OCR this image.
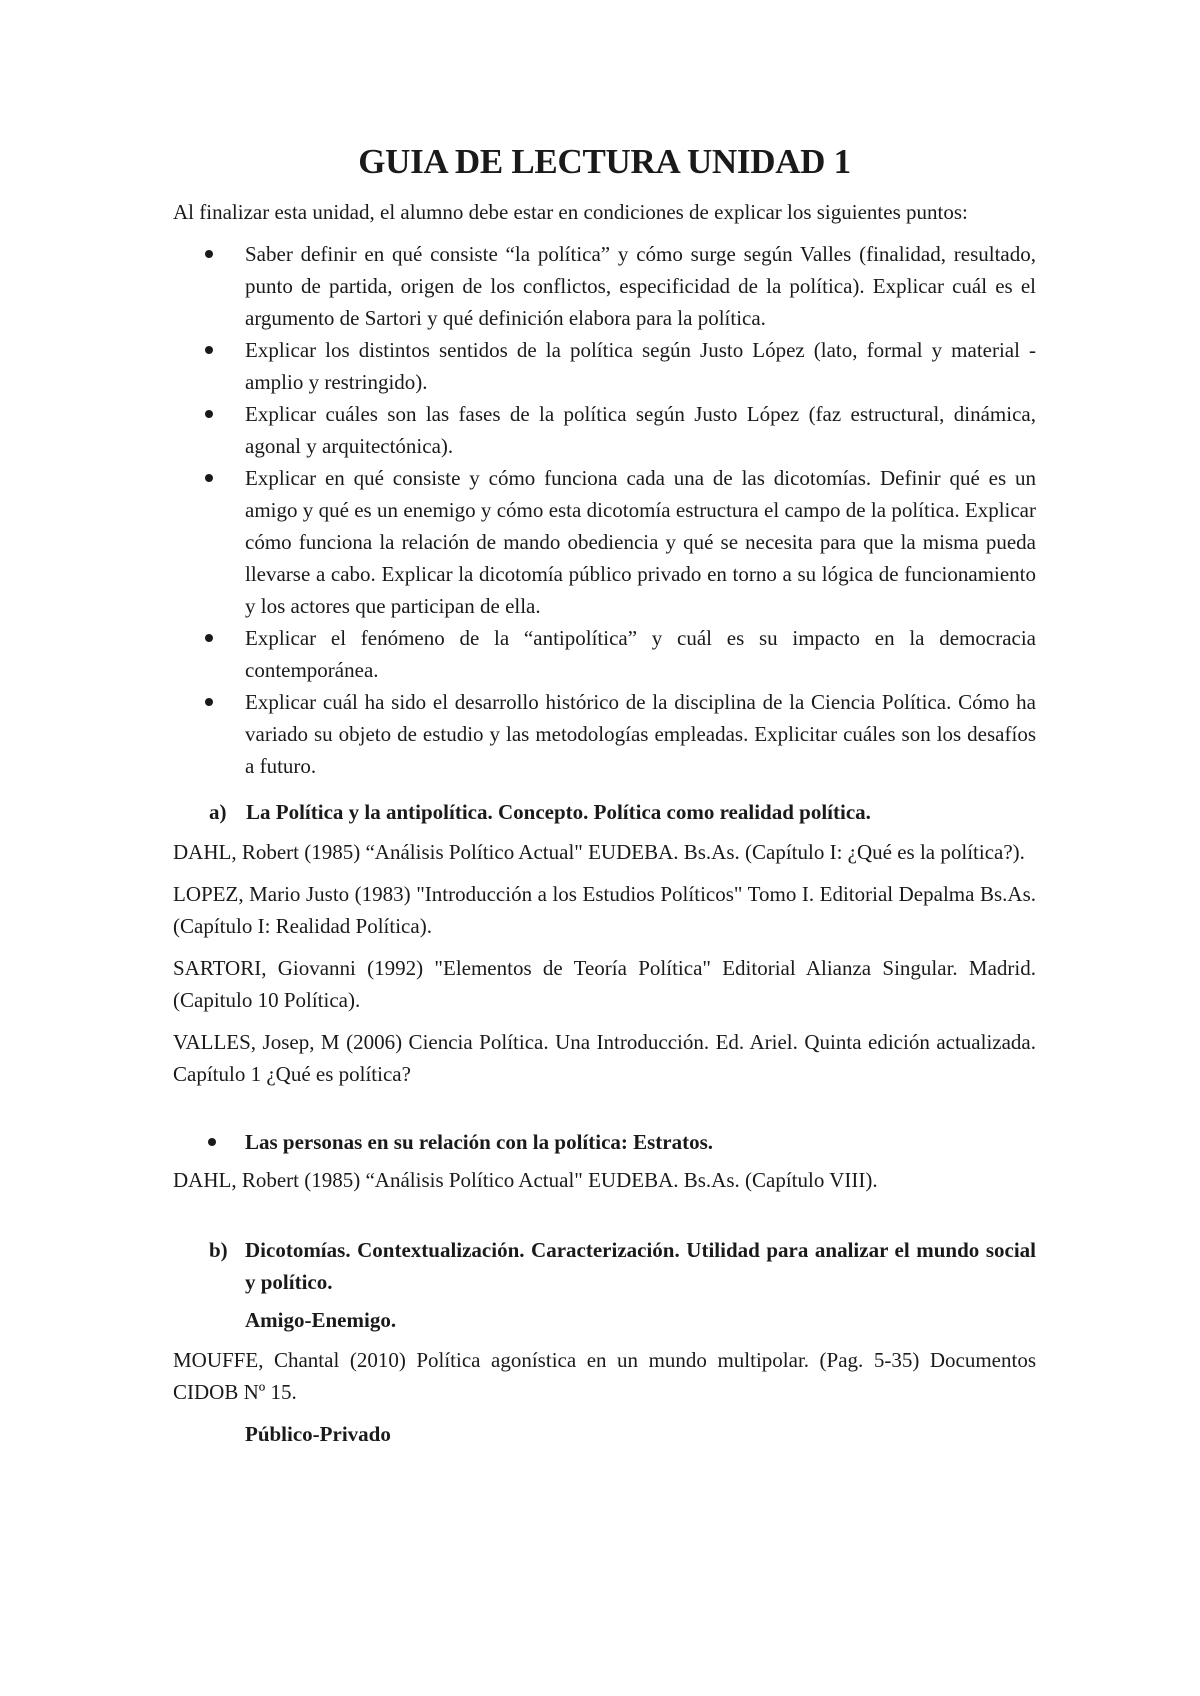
GUIA DE LECTURA UNIDAD 1

Al finalizar esta unidad, el alumno debe estar en condiciones de explicar los siguientes puntos:

Saber definir en qué consiste “la política” y cómo surge según Valles (finalidad, resultado, punto de partida, origen de los conflictos, especificidad de la política). Explicar cuál es el argumento de Sartori y qué definición elabora para la política.
Explicar los distintos sentidos de la política según Justo López (lato, formal y material -amplio y restringido).
Explicar cuáles son las fases de la política según Justo López (faz estructural, dinámica, agonal y arquitectónica).
Explicar en qué consiste y cómo funciona cada una de las dicotomías. Definir qué es un amigo y qué es un enemigo y cómo esta dicotomía estructura el campo de la política. Explicar cómo funciona la relación de mando obediencia y qué se necesita para que la misma pueda llevarse a cabo. Explicar la dicotomía público privado en torno a su lógica de funcionamiento y los actores que participan de ella.
Explicar el fenómeno de la “antipolítica” y cuál es su impacto en la democracia contemporánea.
Explicar cuál ha sido el desarrollo histórico de la disciplina de la Ciencia Política. Cómo ha variado su objeto de estudio y las metodologías empleadas. Explicitar cuáles son los desafíos a futuro.
a) La Política y la antipolítica. Concepto. Política como realidad política.

DAHL, Robert (1985) “Análisis Político Actual" EUDEBA. Bs.As. (Capítulo I: ¿Qué es la política?).

LOPEZ, Mario Justo (1983) "Introducción a los Estudios Políticos" Tomo I. Editorial Depalma Bs.As. (Capítulo I: Realidad Política).

SARTORI, Giovanni (1992) "Elementos de Teoría Política" Editorial Alianza Singular. Madrid. (Capitulo 10 Política).

VALLES, Josep, M (2006) Ciencia Política. Una Introducción. Ed. Ariel. Quinta edición actualizada. Capítulo 1 ¿Qué es política?

Las personas en su relación con la política: Estratos.

DAHL, Robert (1985) “Análisis Político Actual" EUDEBA. Bs.As. (Capítulo VIII).

b) Dicotomías. Contextualización. Caracterización. Utilidad para analizar el mundo social y político.
Amigo-Enemigo.

MOUFFE, Chantal (2010) Política agonística en un mundo multipolar. (Pag. 5-35) Documentos CIDOB Nº 15.

Público-Privado
